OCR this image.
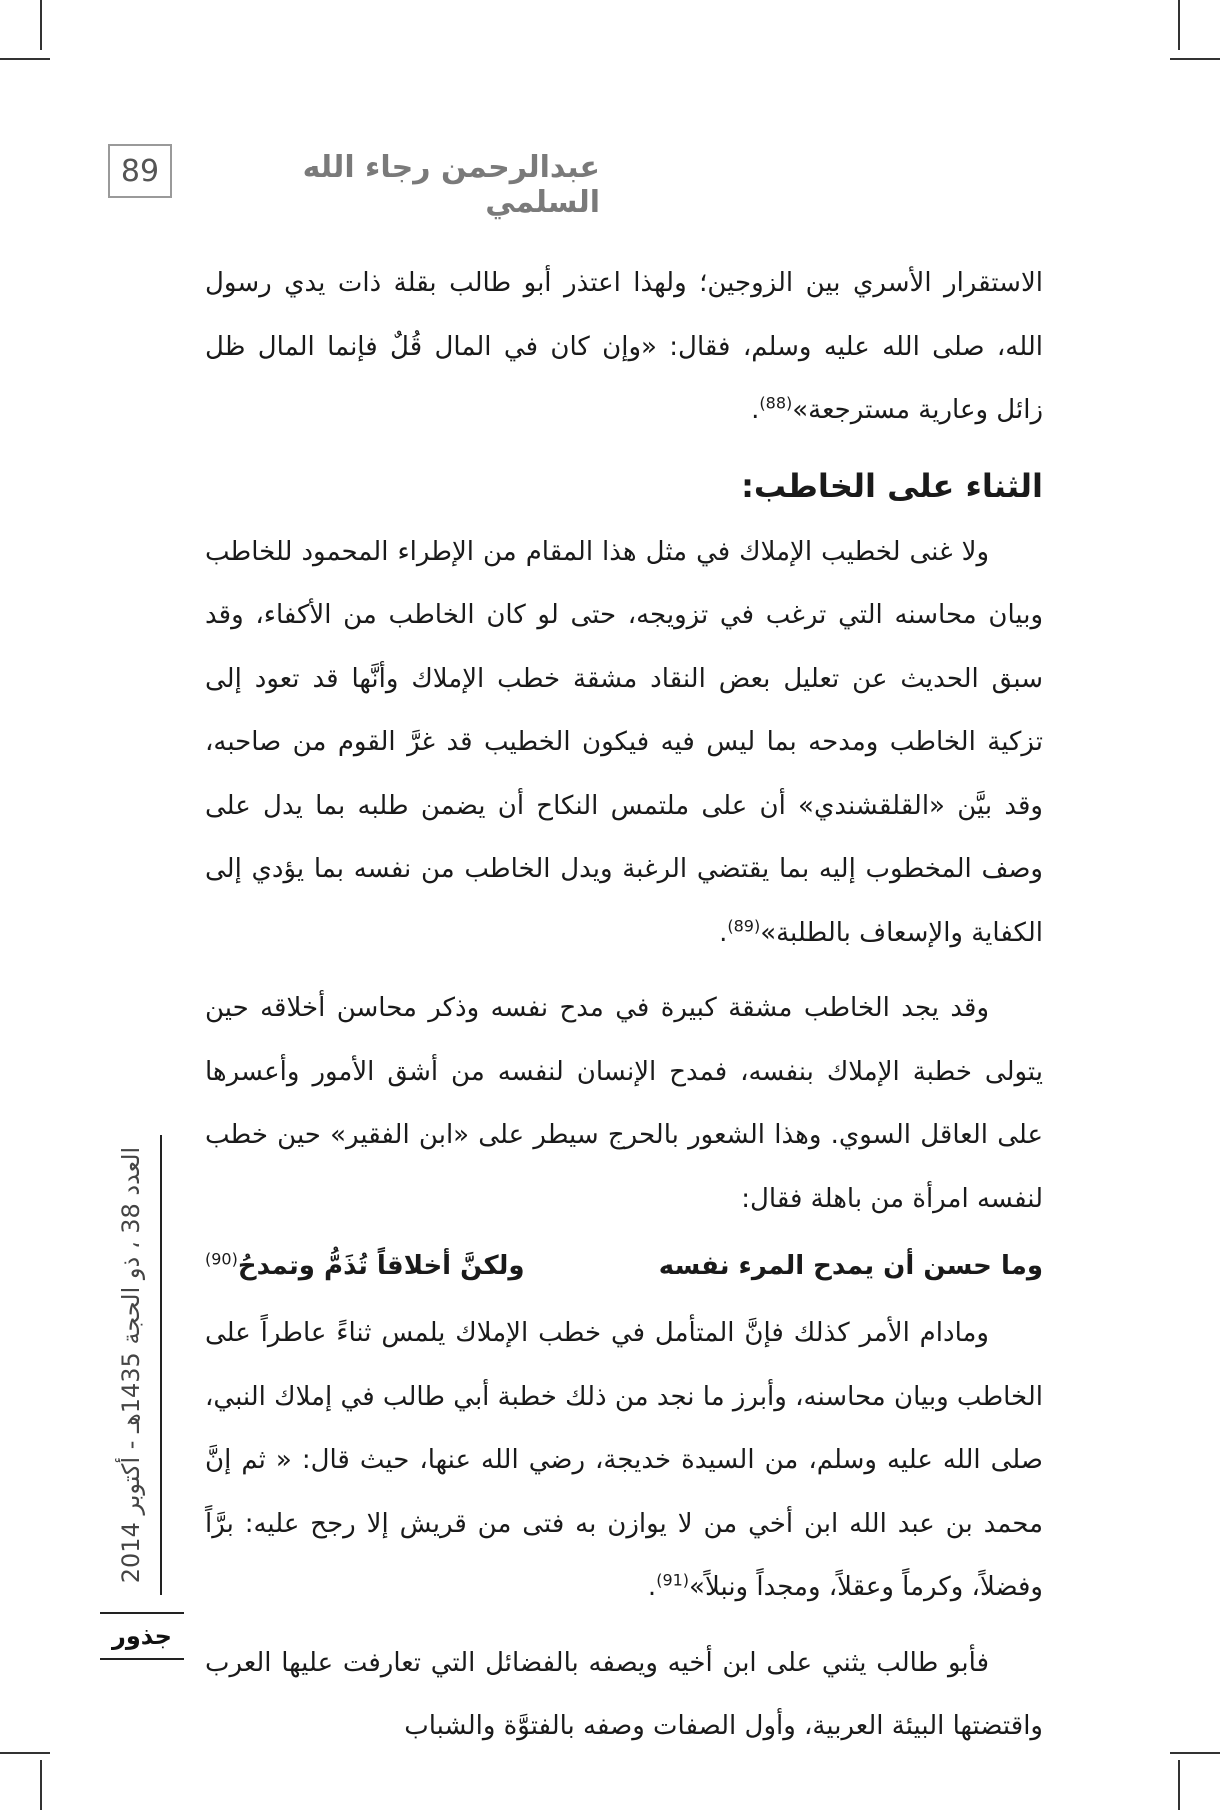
89	عبدالرحمن رجاء الله السلمي

الاستقرار الأسري بين الزوجين؛ ولهذا اعتذر أبو طالب بقلة ذات يدي رسول الله، صلى الله عليه وسلم، فقال: «وإن كان في المال قُلٌ فإنما المال ظل زائل وعارية مسترجعة»$^{(88)}$.

الثناء على الخاطب:

ولا غنى لخطيب الإملاك في مثل هذا المقام من الإطراء المحمود للخاطب وبيان محاسنه التي ترغب في تزويجه، حتى لو كان الخاطب من الأكفاء، وقد سبق الحديث عن تعليل بعض النقاد مشقة خطب الإملاك وأنَّها قد تعود إلى تزكية الخاطب ومدحه بما ليس فيه فيكون الخطيب قد غرَّ القوم من صاحبه، وقد بيَّن «القلقشندي» أن على ملتمس النكاح أن يضمن طلبه بما يدل على وصف المخطوب إليه بما يقتضي الرغبة ويدل الخاطب من نفسه بما يؤدي إلى الكفاية والإسعاف بالطلبة»$^{(89)}$.

وقد يجد الخاطب مشقة كبيرة في مدح نفسه وذكر محاسن أخلاقه حين يتولى خطبة الإملاك بنفسه، فمدح الإنسان لنفسه من أشق الأمور وأعسرها على العاقل السوي. وهذا الشعور بالحرج سيطر على «ابن الفقير» حين خطب لنفسه امرأة من باهلة فقال:

وما حسن أن يمدح المرء نفسه
ولكنَّ أخلاقاً تُذَمُّ وتمدحُ$^{(90)}$

ومادام الأمر كذلك فإنَّ المتأمل في خطب الإملاك يلمس ثناءً عاطراً على الخاطب وبيان محاسنه، وأبرز ما نجد من ذلك خطبة أبي طالب في إملاك النبي، صلى الله عليه وسلم، من السيدة خديجة، رضي الله عنها، حيث قال: « ثم إنَّ محمد بن عبد الله ابن أخي من لا يوازن به فتى من قريش إلا رجح عليه: برَّاً وفضلاً، وكرماً وعقلاً، ومجداً ونبلاً»$^{(91)}$.

فأبو طالب يثني على ابن أخيه ويصفه بالفضائل التي تعارفت عليها العرب واقتضتها البيئة العربية، وأول الصفات وصفه بالفتوَّة والشباب

العدد 38 ، ذو الحجة 1435هـ - أكتوبر 2014
جذور
